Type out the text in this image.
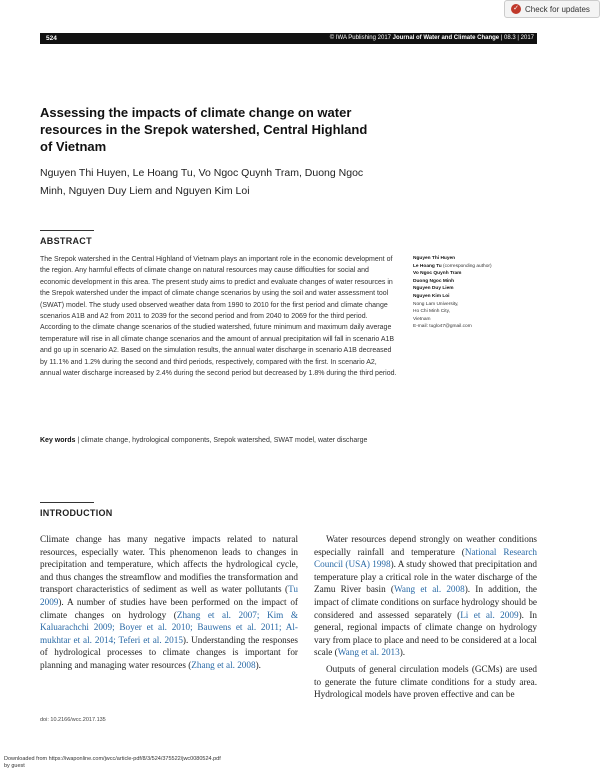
✓ Check for updates
524	© IWA Publishing 2017 Journal of Water and Climate Change | 08.3 | 2017
Assessing the impacts of climate change on water resources in the Srepok watershed, Central Highland of Vietnam
Nguyen Thi Huyen, Le Hoang Tu, Vo Ngoc Quynh Tram, Duong Ngoc Minh, Nguyen Duy Liem and Nguyen Kim Loi
ABSTRACT
The Srepok watershed in the Central Highland of Vietnam plays an important role in the economic development of the region. Any harmful effects of climate change on natural resources may cause difficulties for social and economic development in this area. The present study aims to predict and evaluate changes of water resources in the Srepok watershed under the impact of climate change scenarios by using the soil and water assessment tool (SWAT) model. The study used observed weather data from 1990 to 2010 for the first period and climate change scenarios A1B and A2 from 2011 to 2039 for the second period and from 2040 to 2069 for the third period. According to the climate change scenarios of the studied watershed, future minimum and maximum daily average temperature will rise in all climate change scenarios and the amount of annual precipitation will fall in scenario A1B and go up in scenario A2. Based on the simulation results, the annual water discharge in scenario A1B decreased by 11.1% and 1.2% during the second and third periods, respectively, compared with the first. In scenario A2, annual water discharge increased by 2.4% during the second period but decreased by 1.8% during the third period.
Key words | climate change, hydrological components, Srepok watershed, SWAT model, water discharge
Nguyen Thi Huyen
Le Hoang Tu (corresponding author)
Vo Ngoc Quynh Tram
Duong Ngoc Minh
Nguyen Duy Liem
Nguyen Kim Loi
Nong Lam University,
Ho Chi Minh City,
Vietnam
E-mail: tuglo47@gmail.com
INTRODUCTION

Climate change has many negative impacts related to natural resources, especially water. This phenomenon leads to changes in precipitation and temperature, which affects the hydrological cycle, and thus changes the streamflow and modifies the transformation and transport characteristics of sediment as well as water pollutants (Tu 2009). A number of studies have been performed on the impact of climate changes on hydrology (Zhang et al. 2007; Kim & Kaluarachchi 2009; Boyer et al. 2010; Bauwens et al. 2011; Al-mukhtar et al. 2014; Teferi et al. 2015). Understanding the responses of hydrological processes to climate changes is important for planning and managing water resources (Zhang et al. 2008).

Water resources depend strongly on weather conditions especially rainfall and temperature (National Research Council (USA) 1998). A study showed that precipitation and temperature play a critical role in the water discharge of the Zamu River basin (Wang et al. 2008). In addition, the impact of climate conditions on surface hydrology should be considered and assessed separately (Li et al. 2009). In general, regional impacts of climate change on hydrology vary from place to place and need to be considered at a local scale (Wang et al. 2013).

Outputs of general circulation models (GCMs) are used to generate the future climate conditions for a study area. Hydrological models have proven effective and can be

doi: 10.2166/wcc.2017.135
Downloaded from https://iwaponline.com/jwcc/article-pdf/8/3/524/375522/jwc0080524.pdf
by guest
